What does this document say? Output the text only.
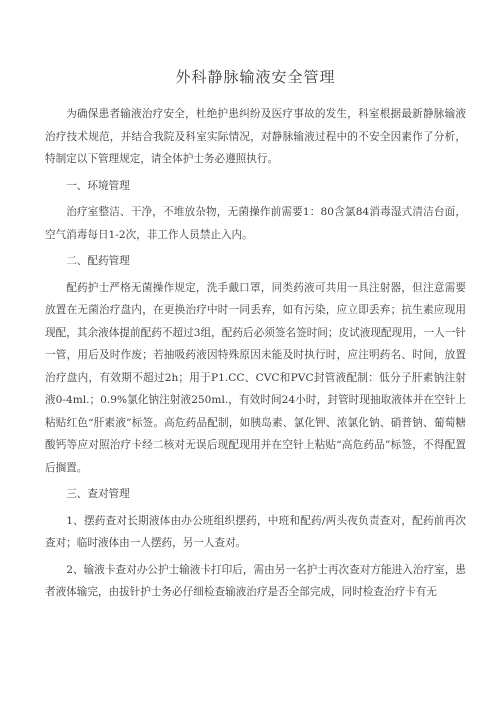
外科静脉输液安全管理

为确保患者输液治疗安全，杜绝护患纠纷及医疗事故的发生，科室根据最新静脉输液治疗技术规范，并结合我院及科室实际情况，对静脉输液过程中的不安全因素作了分析，特制定以下管理规定，请全体护士务必遵照执行。

一、环境管理

治疗室整洁、干净，不堆放杂物，无菌操作前需要1：80含氯84消毒湿式清洁台面，空气消毒每日1-2次，非工作人员禁止入内。

二、配药管理

配药护士严格无菌操作规定，洗手戴口罩，同类药液可共用一具注射器，但注意需要放置在无菌治疗盘内，在更换治疗中时一同丢弃，如有污染，应立即丢弃；抗生素应现用现配，其余液体提前配药不超过3组，配药后必须签名签时间；皮试液现配现用，一人一针一管，用后及时作废；若抽吸药液因特殊原因未能及时执行时，应注明药名、时间，放置治疗盘内，有效期不超过2h；用于P1.CC、CVC和PVC封管液配制：低分子肝素钠注射液0-4ml.；0.9%氯化钠注射液250ml.，有效时间24小时，封管时现抽取液体并在空针上粘贴红色“肝素液”标签。高危药品配制，如胰岛素、氯化钾、浓氯化钠、硝普钠、葡萄糖酸钙等应对照治疗卡经二核对无误后现配现用并在空针上粘贴“高危药品”标签，不得配置后搁置。

三、查对管理

1、摆药查对长期液体由办公班组织摆药，中班和配药/两头夜负责查对，配药前再次查对；临时液体由一人摆药，另一人查对。

2、输液卡查对办公护士输液卡打印后，需由另一名护士再次查对方能进入治疗室，患者液体输完，由拔针护士务必仔细检查输液治疗是否全部完成，同时检查治疗卡有无
